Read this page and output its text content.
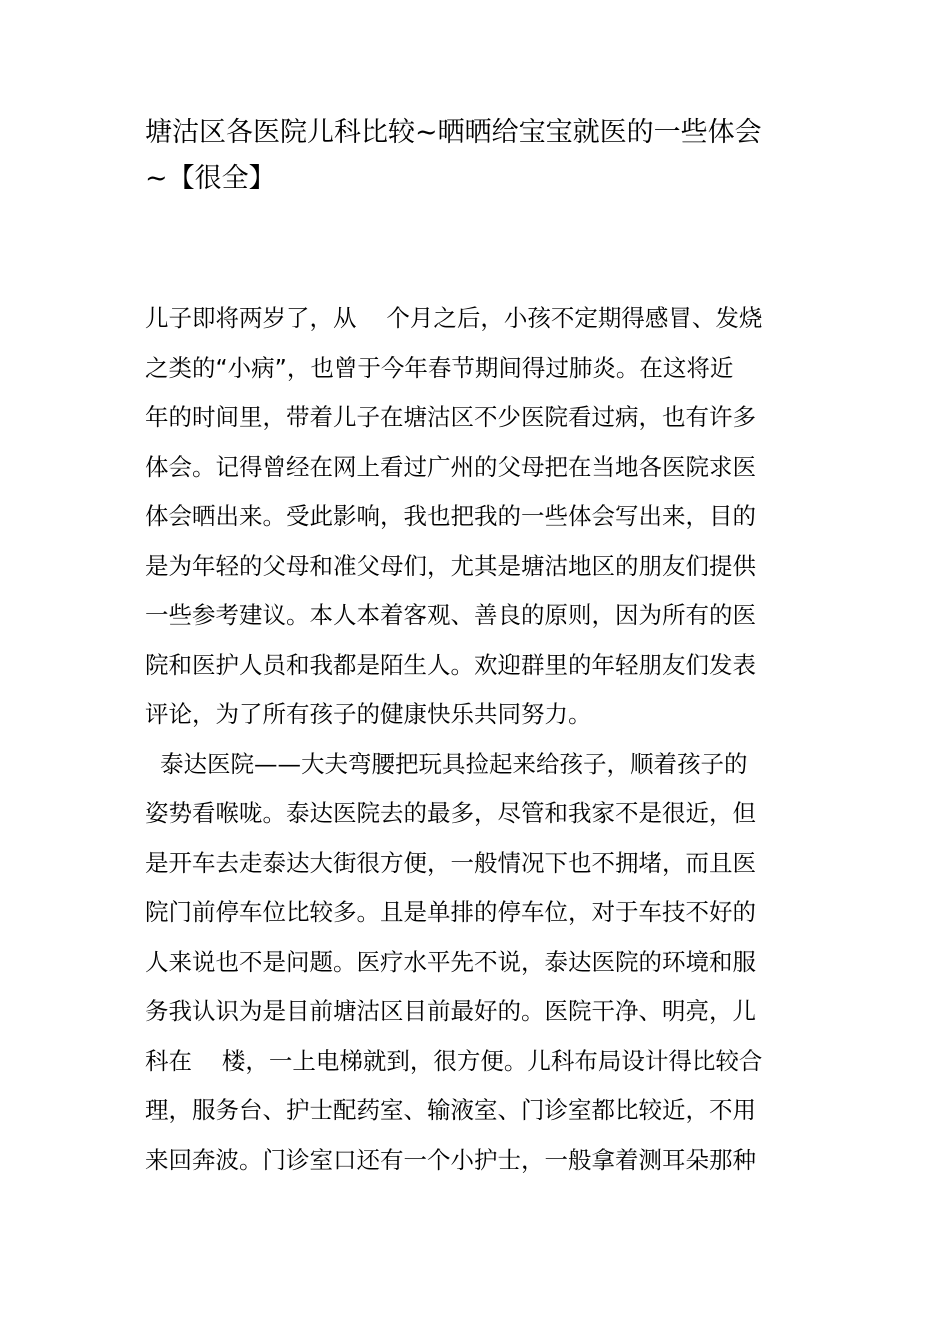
塘沽区各医院儿科比较~晒晒给宝宝就医的一些体会
~【很全】
儿子即将两岁了，从    个月之后，小孩不定期得感冒、发烧
之类的“小病”，也曾于今年春节期间得过肺炎。在这将近
年的时间里，带着儿子在塘沽区不少医院看过病，也有许多
体会。记得曾经在网上看过广州的父母把在当地各医院求医
体会晒出来。受此影响，我也把我的一些体会写出来，目的
是为年轻的父母和准父母们，尤其是塘沽地区的朋友们提供
一些参考建议。本人本着客观、善良的原则，因为所有的医
院和医护人员和我都是陌生人。欢迎群里的年轻朋友们发表
评论，为了所有孩子的健康快乐共同努力。
泰达医院——大夫弯腰把玩具捡起来给孩子，顺着孩子的
姿势看喉咙。泰达医院去的最多，尽管和我家不是很近，但
是开车去走泰达大街很方便，一般情况下也不拥堵，而且医
院门前停车位比较多。且是单排的停车位，对于车技不好的
人来说也不是问题。医疗水平先不说，泰达医院的环境和服
务我认识为是目前塘沽区目前最好的。医院干净、明亮，儿
科在    楼，一上电梯就到，很方便。儿科布局设计得比较合
理，服务台、护士配药室、输液室、门诊室都比较近，不用
来回奔波。门诊室口还有一个小护士，一般拿着测耳朵那种
